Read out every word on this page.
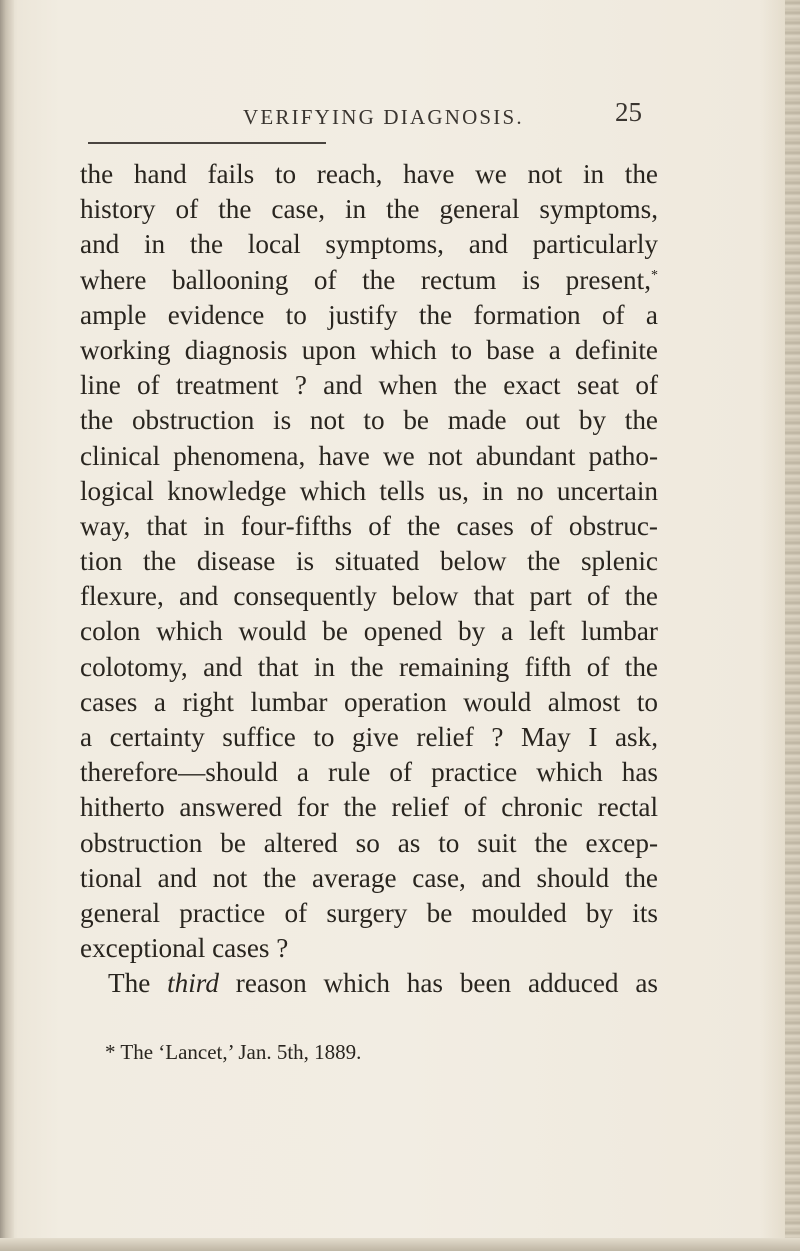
VERIFYING DIAGNOSIS.	25
the hand fails to reach, have we not in the
history of the case, in the general symptoms,
and in the local symptoms, and particularly
where ballooning of the rectum is present,*
ample evidence to justify the formation of a
working diagnosis upon which to base a definite
line of treatment ? and when the exact seat of
the obstruction is not to be made out by the
clinical phenomena, have we not abundant patho-
logical knowledge which tells us, in no uncertain
way, that in four-fifths of the cases of obstruc-
tion the disease is situated below the splenic
flexure, and consequently below that part of the
colon which would be opened by a left lumbar
colotomy, and that in the remaining fifth of the
cases a right lumbar operation would almost to
a certainty suffice to give relief ? May I ask,
therefore—should a rule of practice which has
hitherto answered for the relief of chronic rectal
obstruction be altered so as to suit the excep-
tional and not the average case, and should the
general practice of surgery be moulded by its
exceptional cases ?
The third reason which has been adduced as
* The ‘Lancet,’ Jan. 5th, 1889.
